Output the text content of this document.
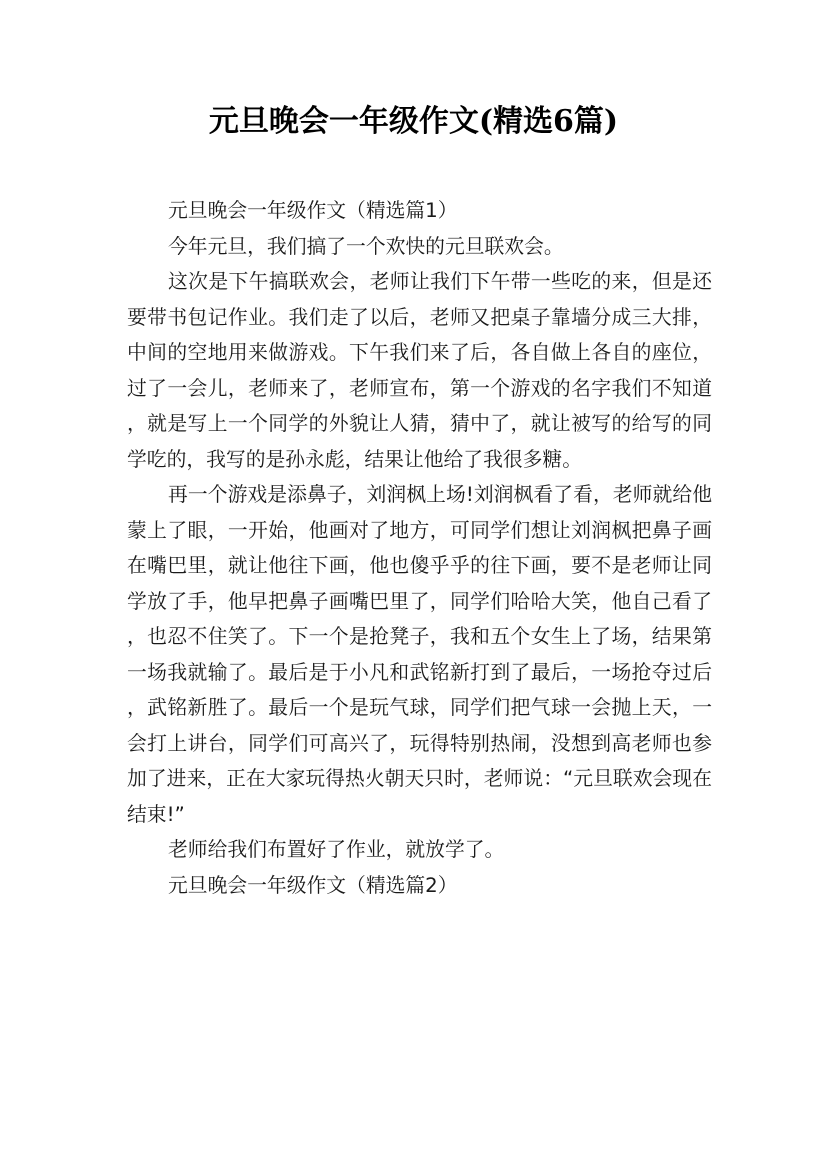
元旦晚会一年级作文(精选6篇)

元旦晚会一年级作文（精选篇1）

今年元旦，我们搞了一个欢快的元旦联欢会。

这次是下午搞联欢会，老师让我们下午带一些吃的来，但是还要带书包记作业。我们走了以后，老师又把桌子靠墙分成三大排，中间的空地用来做游戏。下午我们来了后，各自做上各自的座位，过了一会儿，老师来了，老师宣布，第一个游戏的名字我们不知道，就是写上一个同学的外貌让人猜，猜中了，就让被写的给写的同学吃的，我写的是孙永彪，结果让他给了我很多糖。

再一个游戏是添鼻子，刘润枫上场!刘润枫看了看，老师就给他蒙上了眼，一开始，他画对了地方，可同学们想让刘润枫把鼻子画在嘴巴里，就让他往下画，他也傻乎乎的往下画，要不是老师让同学放了手，他早把鼻子画嘴巴里了，同学们哈哈大笑，他自己看了，也忍不住笑了。下一个是抢凳子，我和五个女生上了场，结果第一场我就输了。最后是于小凡和武铭新打到了最后，一场抢夺过后，武铭新胜了。最后一个是玩气球，同学们把气球一会抛上天，一会打上讲台，同学们可高兴了，玩得特别热闹，没想到高老师也参加了进来，正在大家玩得热火朝天只时，老师说：“元旦联欢会现在结束!”

老师给我们布置好了作业，就放学了。

元旦晚会一年级作文（精选篇2）
